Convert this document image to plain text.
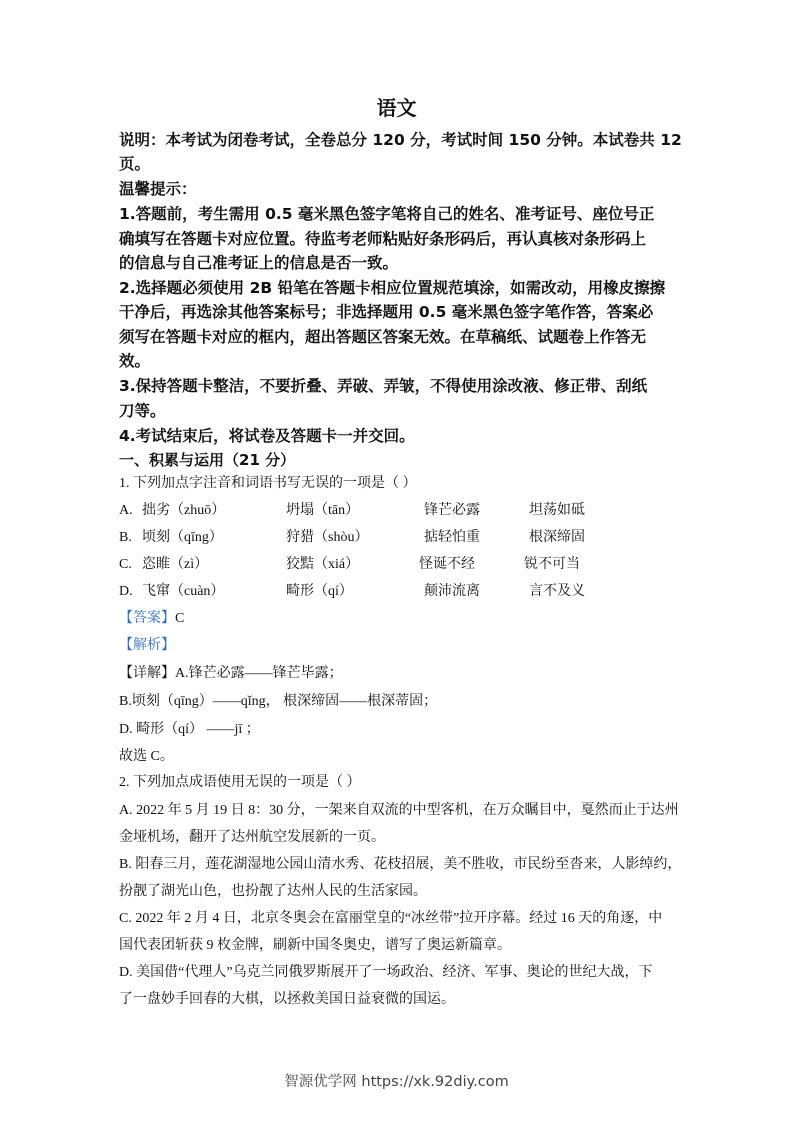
语文
说明：本考试为闭卷考试，全卷总分 120 分，考试时间 150 分钟。本试卷共 12
页。
温馨提示：
1.答题前，考生需用 0.5 毫米黑色签字笔将自己的姓名、准考证号、座位号正
确填写在答题卡对应位置。待监考老师粘贴好条形码后，再认真核对条形码上
的信息与自己准考证上的信息是否一致。
2.选择题必须使用 2B 铅笔在答题卡相应位置规范填涂，如需改动，用橡皮擦擦
干净后，再选涂其他答案标号；非选择题用 0.5 毫米黑色签字笔作答，答案必
须写在答题卡对应的框内，超出答题区答案无效。在草稿纸、试题卷上作答无
效。
3.保持答题卡整洁，不要折叠、弄破、弄皱，不得使用涂改液、修正带、刮纸
刀等。
4.考试结束后，将试卷及答题卡一并交回。
一、积累与运用（21 分）
1. 下列加点字注音和词语书写无误的一项是（ ）
A. 拙劣（zhuō）	坍塌（tān）	锋芒必露	坦荡如砥
B. 顷刻（qīng）	狩猎（shòu）	掂轻怕重	根深缔固
C. 恣睢（zì）	狡黠（xiá）	怪诞不经	锐不可当
D. 飞窜（cuàn）	畸形（qí）	颠沛流离	言不及义
【答案】C
【解析】
【详解】A.锋芒必露——锋芒毕露；
B.顷刻（qīng）——qǐng， 根深缔固——根深蒂固；
D. 畸形（qí） ——jī ；
故选 C。
2. 下列加点成语使用无误的一项是（ ）
A. 2022 年 5 月 19 日 8：30 分，一架来自双流的中型客机，在万众瞩目中，戛然而止于达州
金垭机场，翻开了达州航空发展新的一页。
B. 阳春三月，莲花湖湿地公园山清水秀、花枝招展，美不胜收，市民纷至沓来，人影绰约，
扮靓了湖光山色，也扮靓了达州人民的生活家园。
C. 2022 年 2 月 4 日，北京冬奥会在富丽堂皇的“冰丝带”拉开序幕。经过 16 天的角逐，中
国代表团斩获 9 枚金牌，刷新中国冬奥史，谱写了奥运新篇章。
D. 美国借“代理人”乌克兰同俄罗斯展开了一场政治、经济、军事、奥论的世纪大战，下
了一盘妙手回春的大棋，以拯救美国日益衰微的国运。
智源优学网 https://xk.92diy.com
